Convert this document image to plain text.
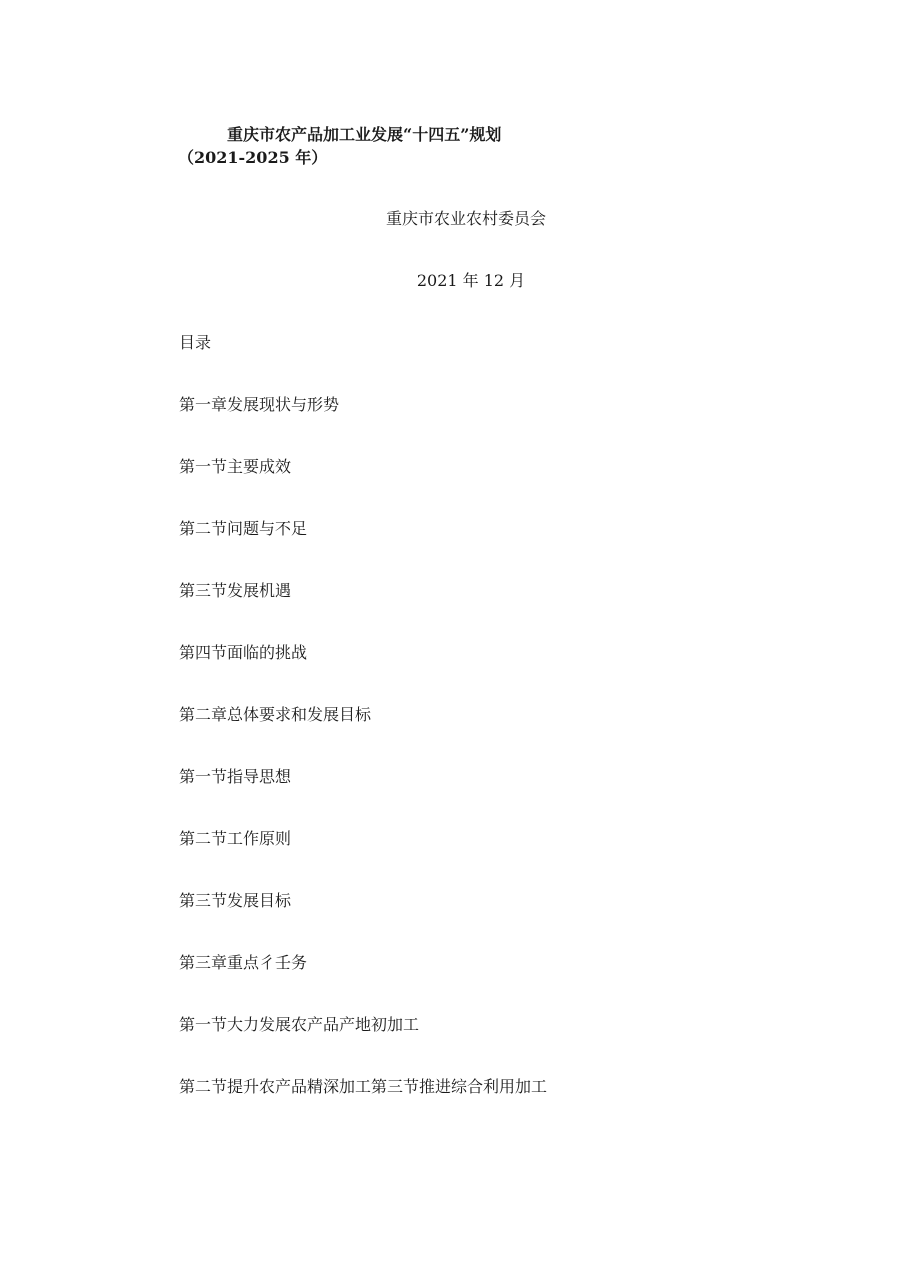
重庆市农产品加工业发展“十四五”规划
（2021-2025 年）
重庆市农业农村委员会
2021 年 12 月
目录
第一章发展现状与形势
第一节主要成效
第二节问题与不足
第三节发展机遇
第四节面临的挑战
第二章总体要求和发展目标
第一节指导思想
第二节工作原则
第三节发展目标
第三章重点彳壬务
第一节大力发展农产品产地初加工
第二节提升农产品精深加工第三节推进综合利用加工
